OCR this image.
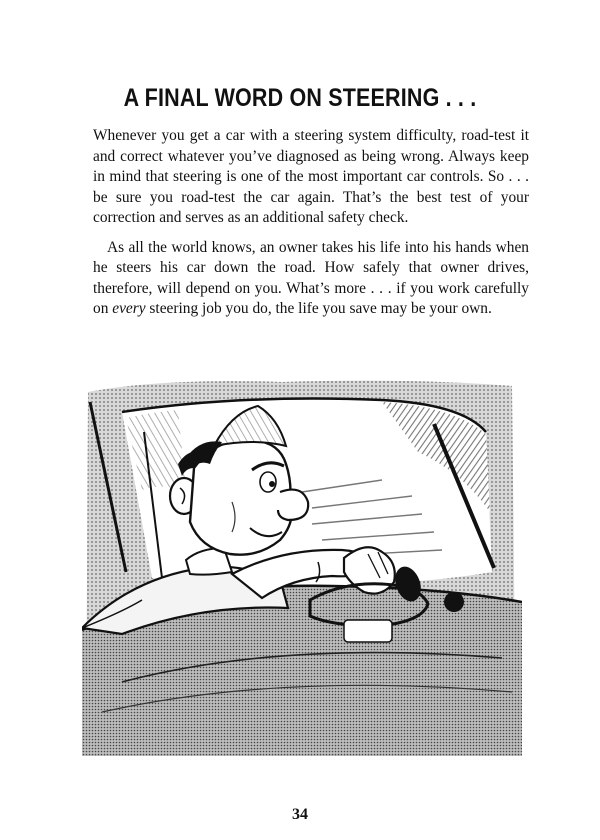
A FINAL WORD ON STEERING . . .

Whenever you get a car with a steering system difficulty, road-test it and correct whatever you’ve diagnosed as being wrong. Always keep in mind that steering is one of the most important car controls. So . . . be sure you road-test the car again. That’s the best test of your correction and serves as an additional safety check.

As all the world knows, an owner takes his life into his hands when he steers his car down the road. How safely that owner drives, therefore, will depend on you. What’s more . . . if you work carefully on every steering job you do, the life you save may be your own.

34
